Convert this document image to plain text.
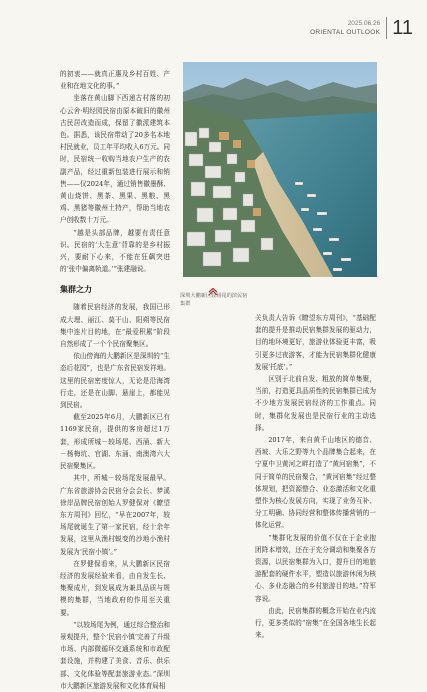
2025.06.26
ORIENTAL OUTLOOK 11

的初衷——就真正惠及乡村百姓、产业和在地文化的事。”

坐落在黄山脚下西递古村落的初心云舍·明经园民宿由原本破旧的徽州古民居改造而成，保留了徽派建筑本色。据悉，该民宿带动了20多名本地村民就业，员工年平均收入6万元。同时，民宿统一收购当地农户生产的农副产品，经过重新包装进行展示和销售——仅2024年，通过销售徽墨酥、黄山烧饼、黑茶、黑果、黑粮、黑鸡、黑猪等徽州土特产，帮助当地农户创收数十万元。

“越是头部品牌，越要有责任意识。民宿的‘大生意’背靠的是乡村振兴，要耐下心来，不能在狂飙突进的‘张中偏离轨道。’”张建融说。

集群之力

随着民宿经济的发展，我国已形成大理、丽江、莫干山、阳朔等民宿集中连片目的地，在“最爱积累”阶段自然形成了一个个民宿聚集区。

依山傍海的大鹏新区是深圳的“生态后花园”，也是广东省民宿发祥地。这里的民宿密度惊人，无论是沿海湾行走，还是在山脚、悬崖上，都能见到民宿。

截至2025年6月，大鹏新区已有1169家民宿，提供的客房超过1万套，形成所城－较场尾、西涌、新大－杨梅坑、官湖、东涌、南澳湾六大民宿聚集区。

其中，所城－较场尾发展最早。广东省旅游协会民宿分会会长、梦溪徐岸品牌民宿创始人罗健保对《瞭望东方周刊》回忆，“早在2007年，较场尾就诞生了第一家民宿，经十余年发展，这里从渔村蜕变的沙地小渔村发展为‘民宿小镇’。”

在罗健保看来，从大鹏新区民宿经济的发展经验来看，由自发生长、集聚成片，到发展成为兼具品质与规模的集群，当地政府的作用至关重要。

“以较场尾为例，通过综合整治和景观提升，整个‘民宿小镇’完善了升级市场、内部微循环交通系统和市政配套设施，并构建了美食、音乐、供乐部、文化体验等配套旅游业态。”深圳市大鹏新区旅游发展和文化体育局相

深圳大鹏新区较场尾的滨民宿集群

关负责人告诉《瞭望东方周刊》，“基础配套的提升是推动民宿集群发展的驱动力，目的地环境更好，旅游业体验更丰富，吸引更多过夜游客，才能为民宿集群化健康发展‘托底’。”

区别于北前自发、粗放的简单集聚，当前，打造更具品质性的民宿集群已成为不少地方发展民宿经济的工作重点。同时，集群化发展也是民宿行业的主动选择。

2017年，来自黄千山地区的德音、西坡、大乐之野等九个品牌集合起来，在宁夏中卫黄河之畔打造了“黄河宿集”，不同于简单的民宿聚合，“黄河宿集”经过整体规划，把资源整合、业态激活和文化重塑作为核心发展方向，实现了业务互补、分工明确、协同经营和整体传播营销的一体化运营。

“集群化发展的价值不仅在于企业抱团降本增效，还在于充分调动和集聚各方资源，以民宿集群为入口，提升目的地旅游配套的硬件水平，塑造以旅游休闲为核心、多业态融合的乡村旅游目的地。”符军容说。

由此，民宿集群的概念开始在业内流行，更多类似的“宿集”在全国各地生长起来。
